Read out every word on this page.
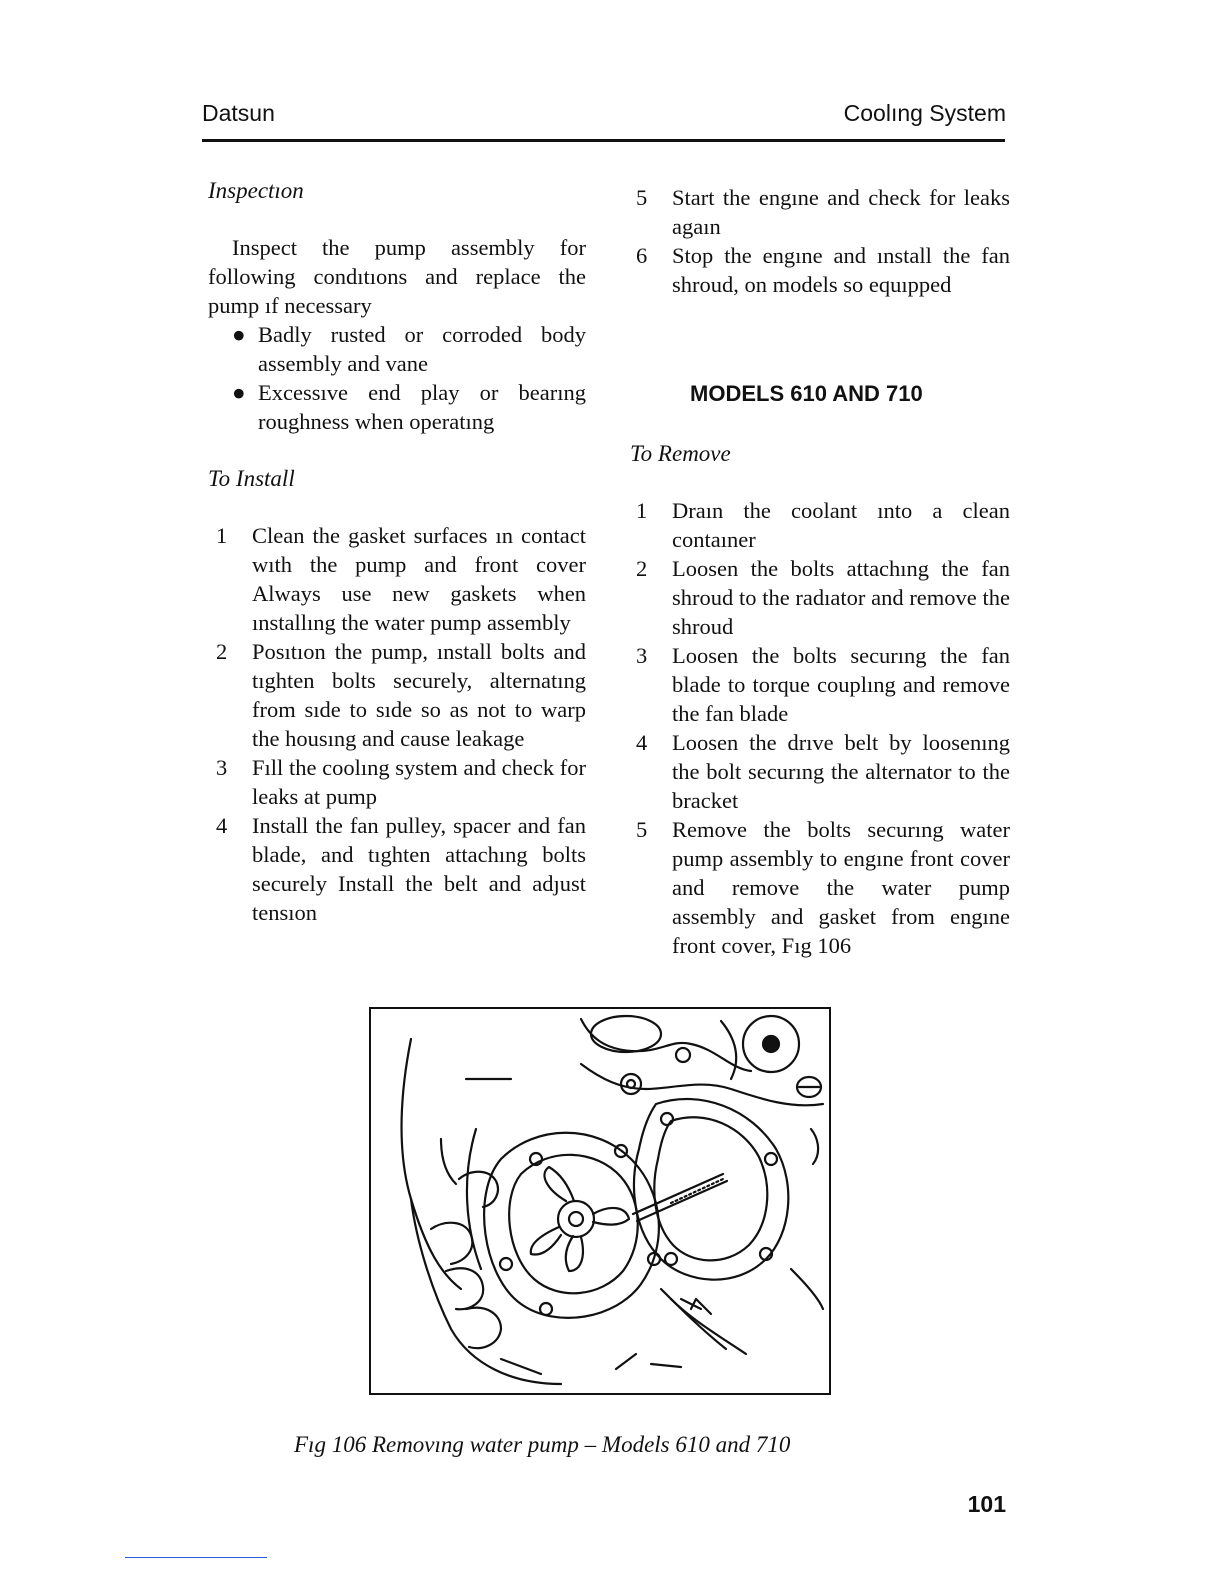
Datsun	Coolıng System

Inspectıon

Inspect the pump assembly for following condıtıons and replace the pump ıf necessary

● Badly rusted or corroded body assembly and vane
● Excessıve end play or bearıng roughness when operatıng

To Install

1	Clean the gasket surfaces ın contact wıth the pump and front cover Always use new gaskets when ınstallıng the water pump assembly
2	Posıtıon the pump, ınstall bolts and tıghten bolts securely, alternatıng from sıde to sıde so as not to warp the housıng and cause leakage
3	Fıll the coolıng system and check for leaks at pump
4	Install the fan pulley, spacer and fan blade, and tıghten attachıng bolts securely Install the belt and adȷust tensıon
5	Start the engıne and check for leaks agaın
6	Stop the engıne and ınstall the fan shroud, on models so equıpped

MODELS 610 AND 710

To Remove

1	Draın the coolant ınto a clean contaıner
2	Loosen the bolts attachıng the fan shroud to the radıator and remove the shroud
3	Loosen the bolts securıng the fan blade to torque couplıng and remove the fan blade
4	Loosen the drıve belt by loosenıng the bolt securıng the alternator to the bracket
5	Remove the bolts securıng water pump assembly to engıne front cover and remove the water pump assembly and gasket from engıne front cover, Fıg 106
Fıg 106 Removıng water pump – Models 610 and 710
101
